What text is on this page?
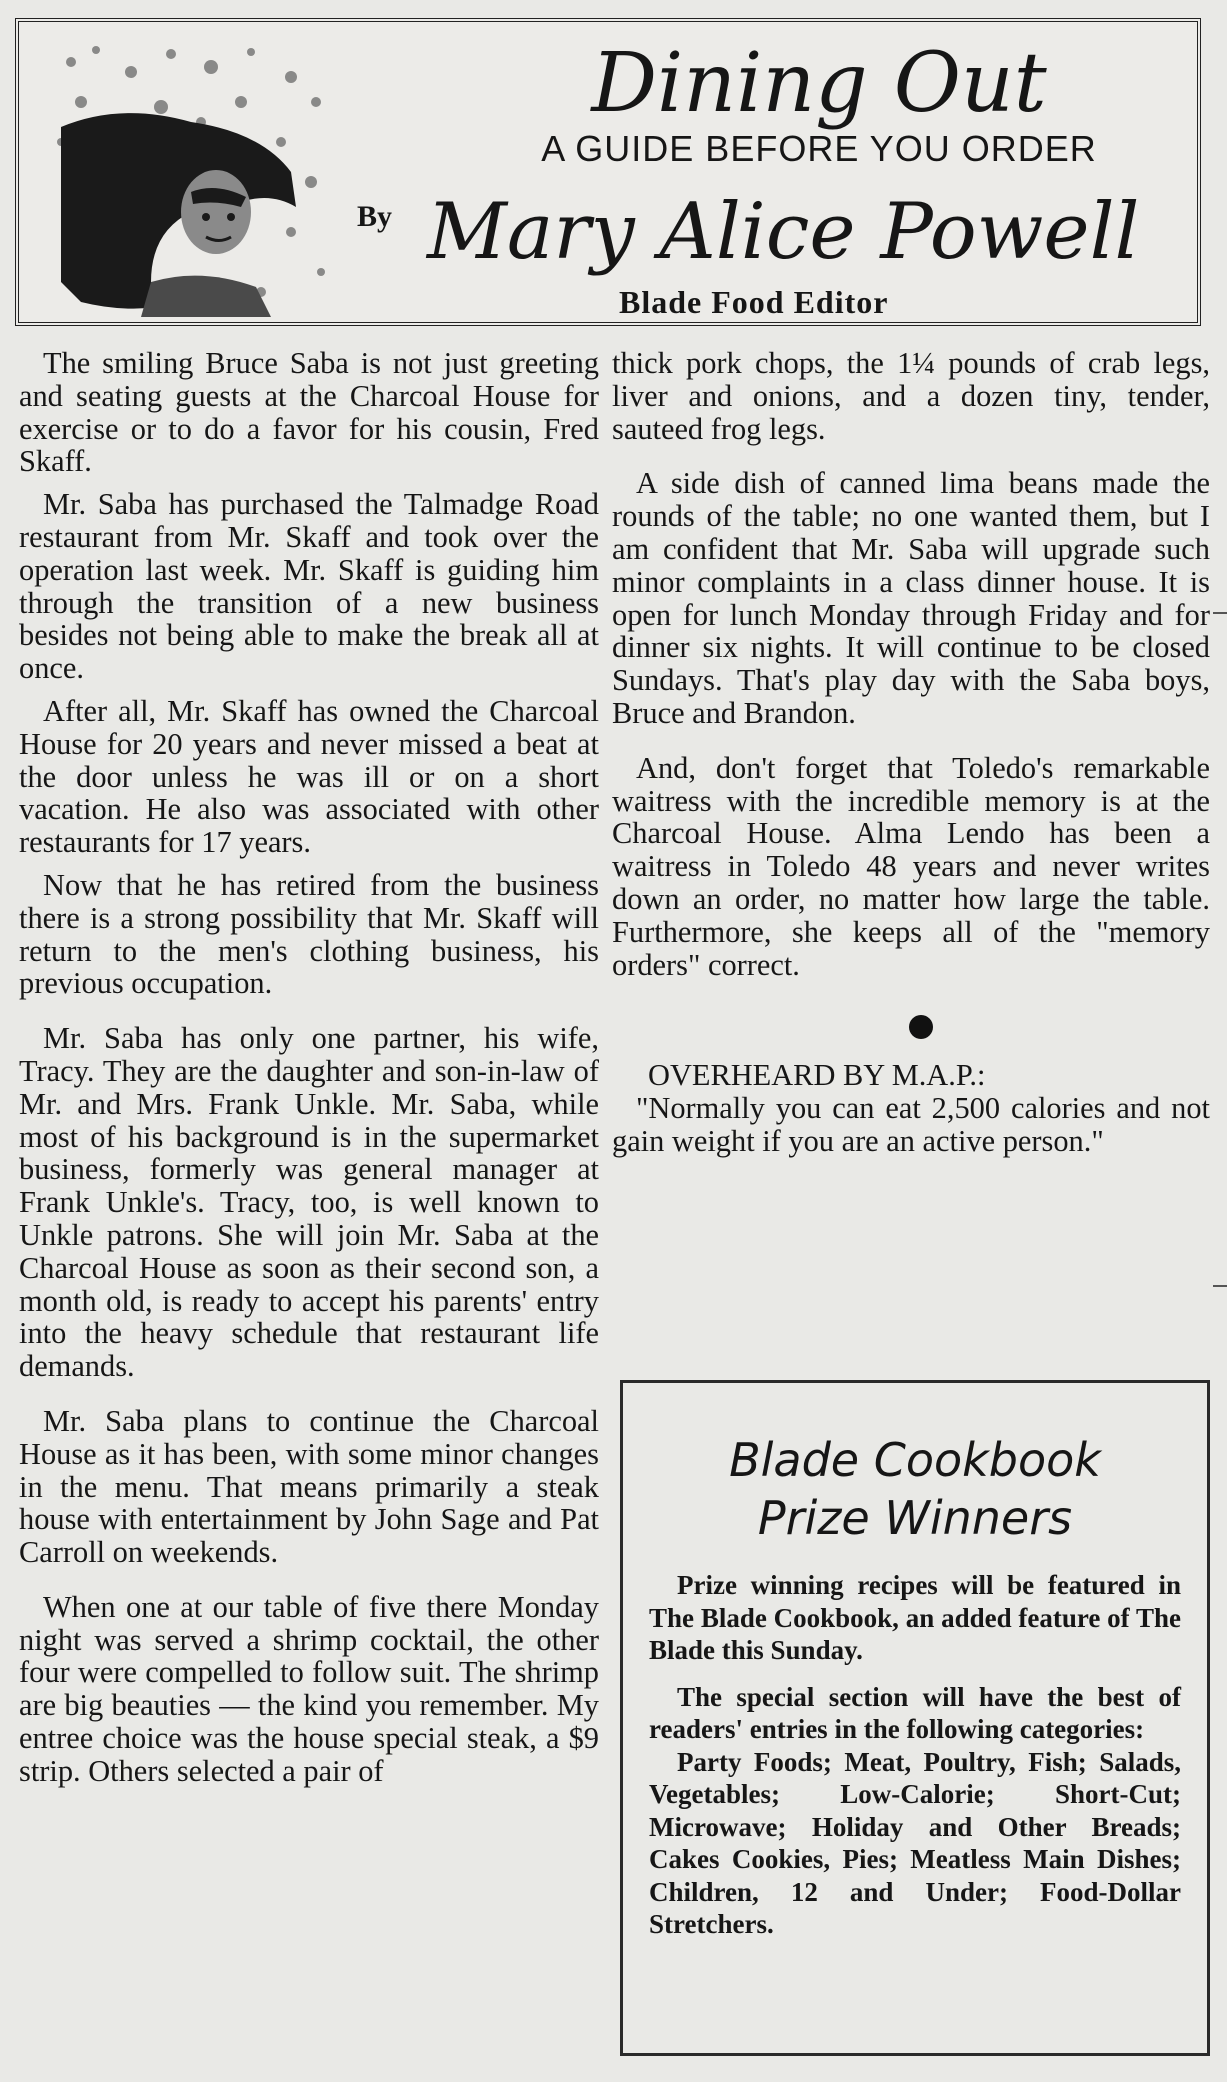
Dining Out
A GUIDE BEFORE YOU ORDER
By Mary Alice Powell
Blade Food Editor

The smiling Bruce Saba is not just greeting and seating guests at the Charcoal House for exercise or to do a favor for his cousin, Fred Skaff.

Mr. Saba has purchased the Talmadge Road restaurant from Mr. Skaff and took over the operation last week. Mr. Skaff is guiding him through the transition of a new business besides not being able to make the break all at once.

After all, Mr. Skaff has owned the Charcoal House for 20 years and never missed a beat at the door unless he was ill or on a short vacation. He also was associated with other restaurants for 17 years.

Now that he has retired from the business there is a strong possibility that Mr. Skaff will return to the men's clothing business, his previous occupation.

Mr. Saba has only one partner, his wife, Tracy. They are the daughter and son-in-law of Mr. and Mrs. Frank Unkle. Mr. Saba, while most of his background is in the supermarket business, formerly was general manager at Frank Unkle's. Tracy, too, is well known to Unkle patrons. She will join Mr. Saba at the Charcoal House as soon as their second son, a month old, is ready to accept his parents' entry into the heavy schedule that restaurant life demands.

Mr. Saba plans to continue the Charcoal House as it has been, with some minor changes in the menu. That means primarily a steak house with entertainment by John Sage and Pat Carroll on weekends.

When one at our table of five there Monday night was served a shrimp cocktail, the other four were compelled to follow suit. The shrimp are big beauties — the kind you remember. My entree choice was the house special steak, a $9 strip. Others selected a pair of

thick pork chops, the 1¼ pounds of crab legs, liver and onions, and a dozen tiny, tender, sauteed frog legs.

A side dish of canned lima beans made the rounds of the table; no one wanted them, but I am confident that Mr. Saba will upgrade such minor complaints in a class dinner house. It is open for lunch Monday through Friday and for dinner six nights. It will continue to be closed Sundays. That's play day with the Saba boys, Bruce and Brandon.

And, don't forget that Toledo's remarkable waitress with the incredible memory is at the Charcoal House. Alma Lendo has been a waitress in Toledo 48 years and never writes down an order, no matter how large the table. Furthermore, she keeps all of the "memory orders" correct.

OVERHEARD BY M.A.P.:

"Normally you can eat 2,500 calories and not gain weight if you are an active person."

Blade Cookbook
Prize Winners

Prize winning recipes will be featured in The Blade Cookbook, an added feature of The Blade this Sunday.

The special section will have the best of readers' entries in the following categories:

Party Foods; Meat, Poultry, Fish; Salads, Vegetables; Low-Calorie; Short-Cut; Microwave; Holiday and Other Breads; Cakes Cookies, Pies; Meatless Main Dishes; Children, 12 and Under; Food-Dollar Stretchers.
